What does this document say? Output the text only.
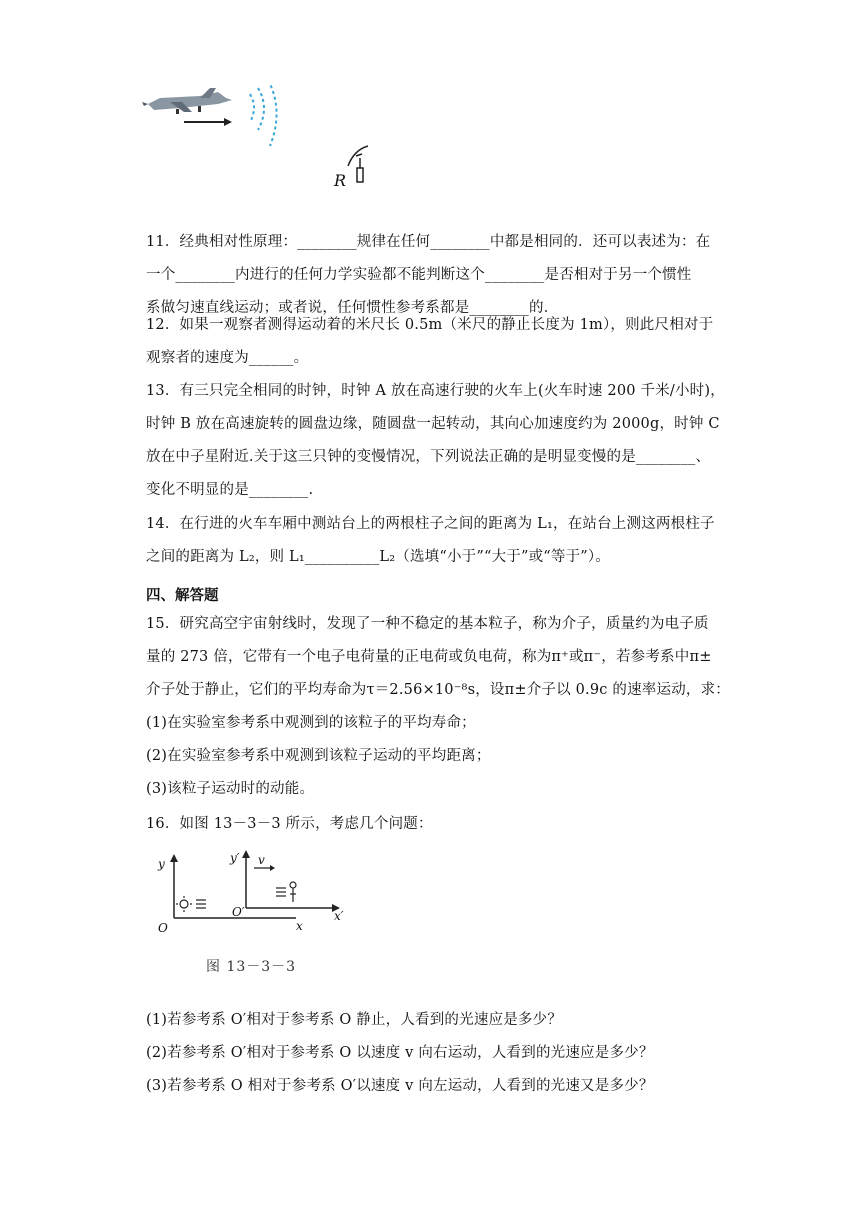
R
11．经典相对性原理：________规律在任何________中都是相同的．还可以表述为：在
一个________内进行的任何力学实验都不能判断这个________是否相对于另一个惯性
系做匀速直线运动；或者说，任何惯性参考系都是________的．
12．如果一观察者测得运动着的米尺长 0.5m（米尺的静止长度为 1m），则此尺相对于
观察者的速度为______。
13．有三只完全相同的时钟，时钟 A 放在高速行驶的火车上(火车时速 200 千米/小时)，
时钟 B 放在高速旋转的圆盘边缘，随圆盘一起转动，其向心加速度约为 2000g，时钟 C
放在中子星附近.关于这三只钟的变慢情况，下列说法正确的是明显变慢的是________、
变化不明显的是________.
14．在行进的火车车厢中测站台上的两根柱子之间的距离为 L₁，在站台上测这两根柱子
之间的距离为 L₂，则 L₁__________L₂（选填“小于”“大于”或“等于”）。
四、解答题
15．研究高空宇宙射线时，发现了一种不稳定的基本粒子，称为介子，质量约为电子质
量的 273 倍，它带有一个电子电荷量的正电荷或负电荷，称为π⁺或π⁻，若参考系中π±
介子处于静止，它们的平均寿命为τ＝2.56×10⁻⁸s，设π±介子以 0.9c 的速率运动，求：
(1)在实验室参考系中观测到的该粒子的平均寿命；
(2)在实验室参考系中观测到该粒子运动的平均距离；
(3)该粒子运动时的动能。
16．如图 13－3－3 所示，考虑几个问题：
y	y′ v
O
O′
x
x′
图 13－3－3
(1)若参考系 O′相对于参考系 O 静止，人看到的光速应是多少？
(2)若参考系 O′相对于参考系 O 以速度 v 向右运动，人看到的光速应是多少？
(3)若参考系 O 相对于参考系 O′以速度 v 向左运动，人看到的光速又是多少？
